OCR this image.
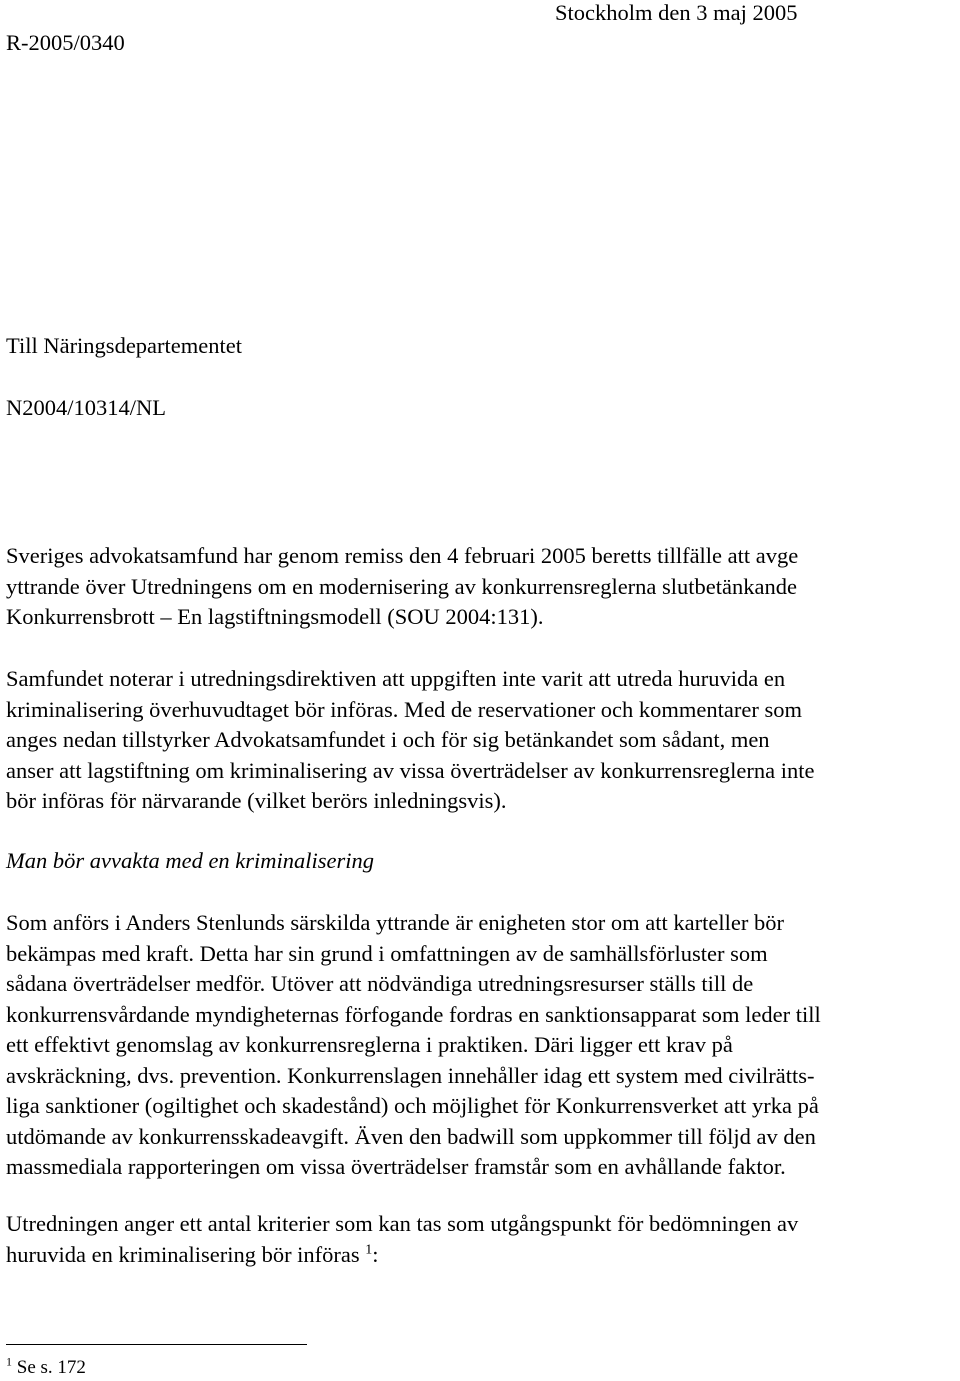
Stockholm den 3 maj 2005
R-2005/0340
Till Näringsdepartementet
N2004/10314/NL
Sveriges advokatsamfund har genom remiss den 4 februari 2005 beretts tillfälle att avge
yttrande över Utredningens om en modernisering av konkurrensreglerna slutbetänkande
Konkurrensbrott – En lagstiftningsmodell (SOU 2004:131).
Samfundet noterar i utredningsdirektiven att uppgiften inte varit att utreda huruvida en
kriminalisering överhuvudtaget bör införas. Med de reservationer och kommentarer som
anges nedan tillstyrker Advokatsamfundet i och för sig betänkandet som sådant, men
anser att lagstiftning om kriminalisering av vissa överträdelser av konkurrensreglerna inte
bör införas för närvarande (vilket berörs inledningsvis).
Man bör avvakta med en kriminalisering
Som anförs i Anders Stenlunds särskilda yttrande är enigheten stor om att karteller bör
bekämpas med kraft. Detta har sin grund i omfattningen av de samhällsförluster som
sådana överträdelser medför. Utöver att nödvändiga utredningsresurser ställs till de
konkurrensvårdande myndigheternas förfogande fordras en sanktionsapparat som leder till
ett effektivt genomslag av konkurrensreglerna i praktiken. Däri ligger ett krav på
avskräckning, dvs. prevention. Konkurrenslagen innehåller idag ett system med civilrätts-
liga sanktioner (ogiltighet och skadestånd) och möjlighet för Konkurrensverket att yrka på
utdömande av konkurrensskadeavgift. Även den badwill som uppkommer till följd av den
massmediala rapporteringen om vissa överträdelser framstår som en avhållande faktor.
Utredningen anger ett antal kriterier som kan tas som utgångspunkt för bedömningen av
huruvida en kriminalisering bör införas $^1$:
$^1$ Se s. 172
